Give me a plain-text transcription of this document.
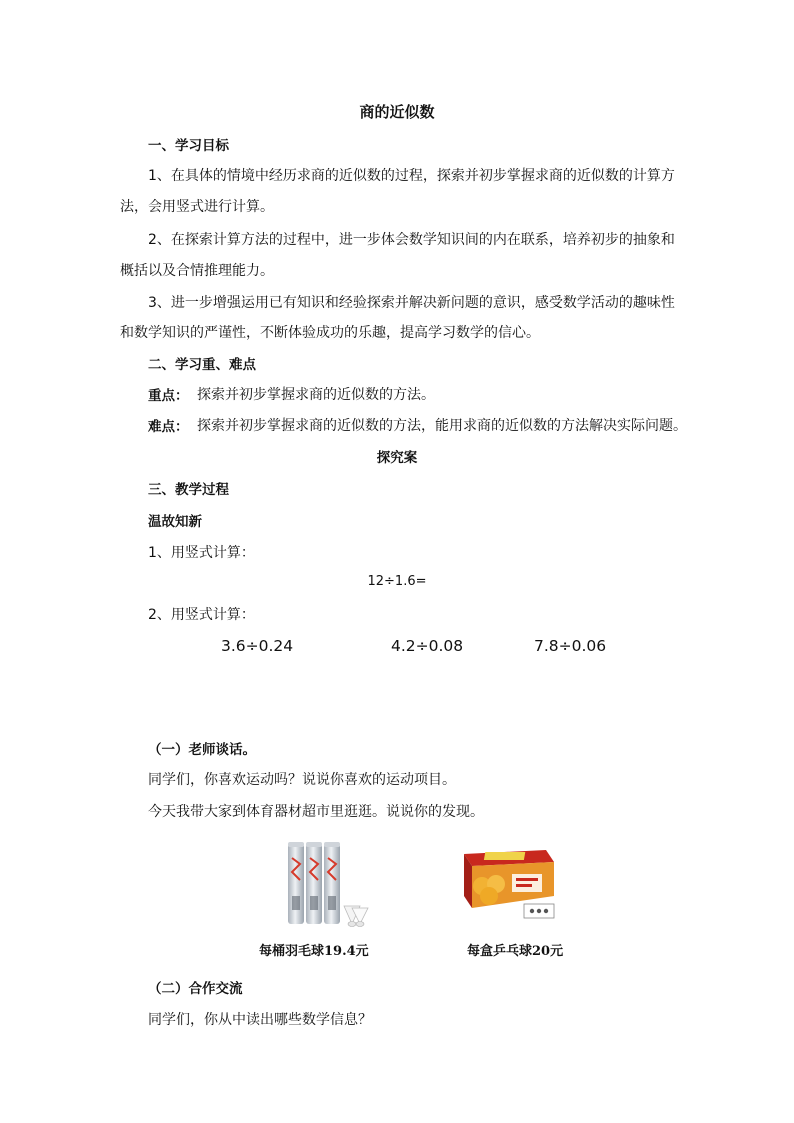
商的近似数
一、学习目标
1、在具体的情境中经历求商的近似数的过程，探索并初步掌握求商的近似数的计算方
法，会用竖式进行计算。
2、在探索计算方法的过程中，进一步体会数学知识间的内在联系，培养初步的抽象和
概括以及合情推理能力。
3、进一步增强运用已有知识和经验探索并解决新问题的意识，感受数学活动的趣味性
和数学知识的严谨性，不断体验成功的乐趣，提高学习数学的信心。
二、学习重、难点
重点： 探索并初步掌握求商的近似数的方法。
难点： 探索并初步掌握求商的近似数的方法，能用求商的近似数的方法解决实际问题。
探究案
三、教学过程
温故知新
1、用竖式计算：
12÷1.6=
2、用竖式计算：
3.6÷0.24	4.2÷0.08	7.8÷0.06
（一）老师谈话。
同学们，你喜欢运动吗？说说你喜欢的运动项目。
今天我带大家到体育器材超市里逛逛。说说你的发现。
每桶羽毛球19.4元	每盒乒乓球20元
（二）合作交流
同学们，你从中读出哪些数学信息？
